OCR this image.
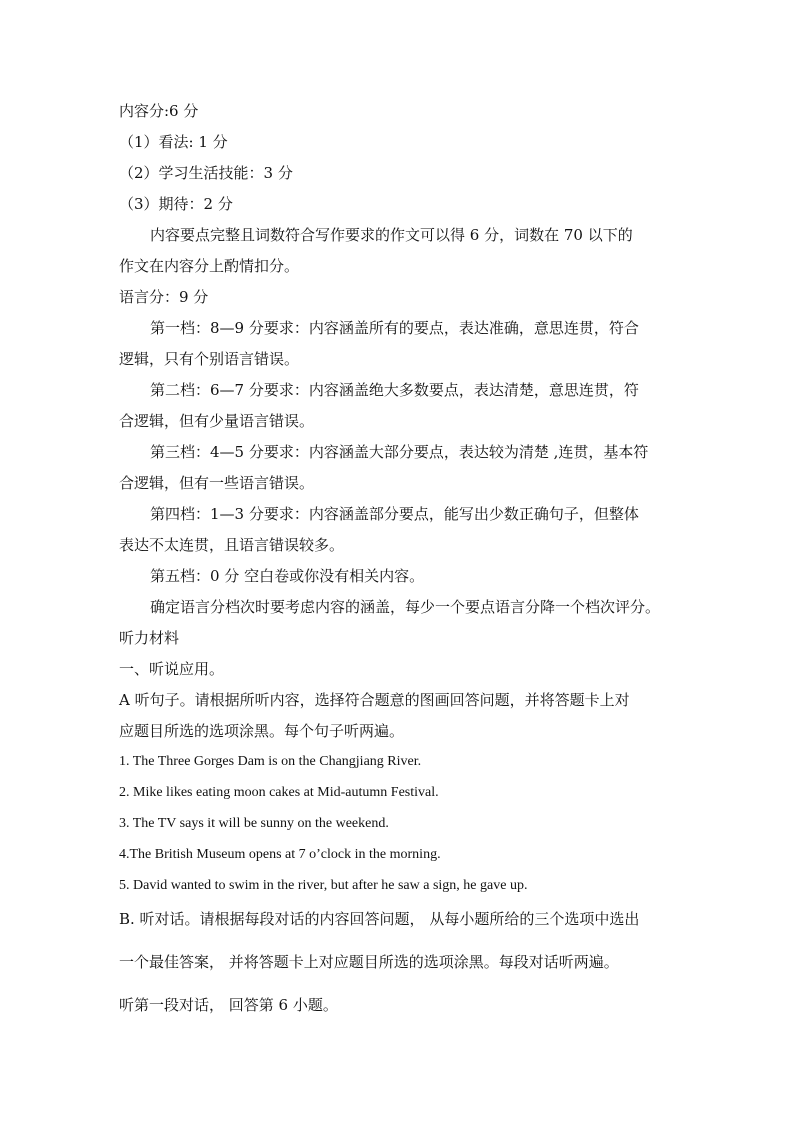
内容分:6 分
（1）看法: 1 分
（2）学习生活技能：3 分
（3）期待：2 分
内容要点完整且词数符合写作要求的作文可以得 6 分，词数在 70 以下的
作文在内容分上酌情扣分。
语言分：9 分
第一档：8—9 分要求：内容涵盖所有的要点，表达准确，意思连贯，符合
逻辑，只有个别语言错误。
第二档：6—7 分要求：内容涵盖绝大多数要点，表达清楚，意思连贯，符
合逻辑，但有少量语言错误。
第三档：4—5 分要求：内容涵盖大部分要点，表达较为清楚 ,连贯，基本符
合逻辑，但有一些语言错误。
第四档：1—3 分要求：内容涵盖部分要点，能写出少数正确句子，但整体
表达不太连贯，且语言错误较多。
第五档：0 分 空白卷或你没有相关内容。
确定语言分档次时要考虑内容的涵盖，每少一个要点语言分降一个档次评分。
听力材料
一、听说应用。
A 听句子。请根据所听内容，选择符合题意的图画回答问题，并将答题卡上对
应题目所选的选项涂黑。每个句子听两遍。
1. The Three Gorges Dam is on the Changjiang River.
2. Mike likes eating moon cakes at Mid-autumn Festival.
3. The TV says it will be sunny on the weekend.
4.The British Museum opens at 7 o’clock in the morning.
5. David wanted to swim in the river, but after he saw a sign, he gave up.
B. 听对话。请根据每段对话的内容回答问题， 从每小题所给的三个选项中选出
一个最佳答案， 并将答题卡上对应题目所选的选项涂黑。每段对话听两遍。
听第一段对话， 回答第 6 小题。
